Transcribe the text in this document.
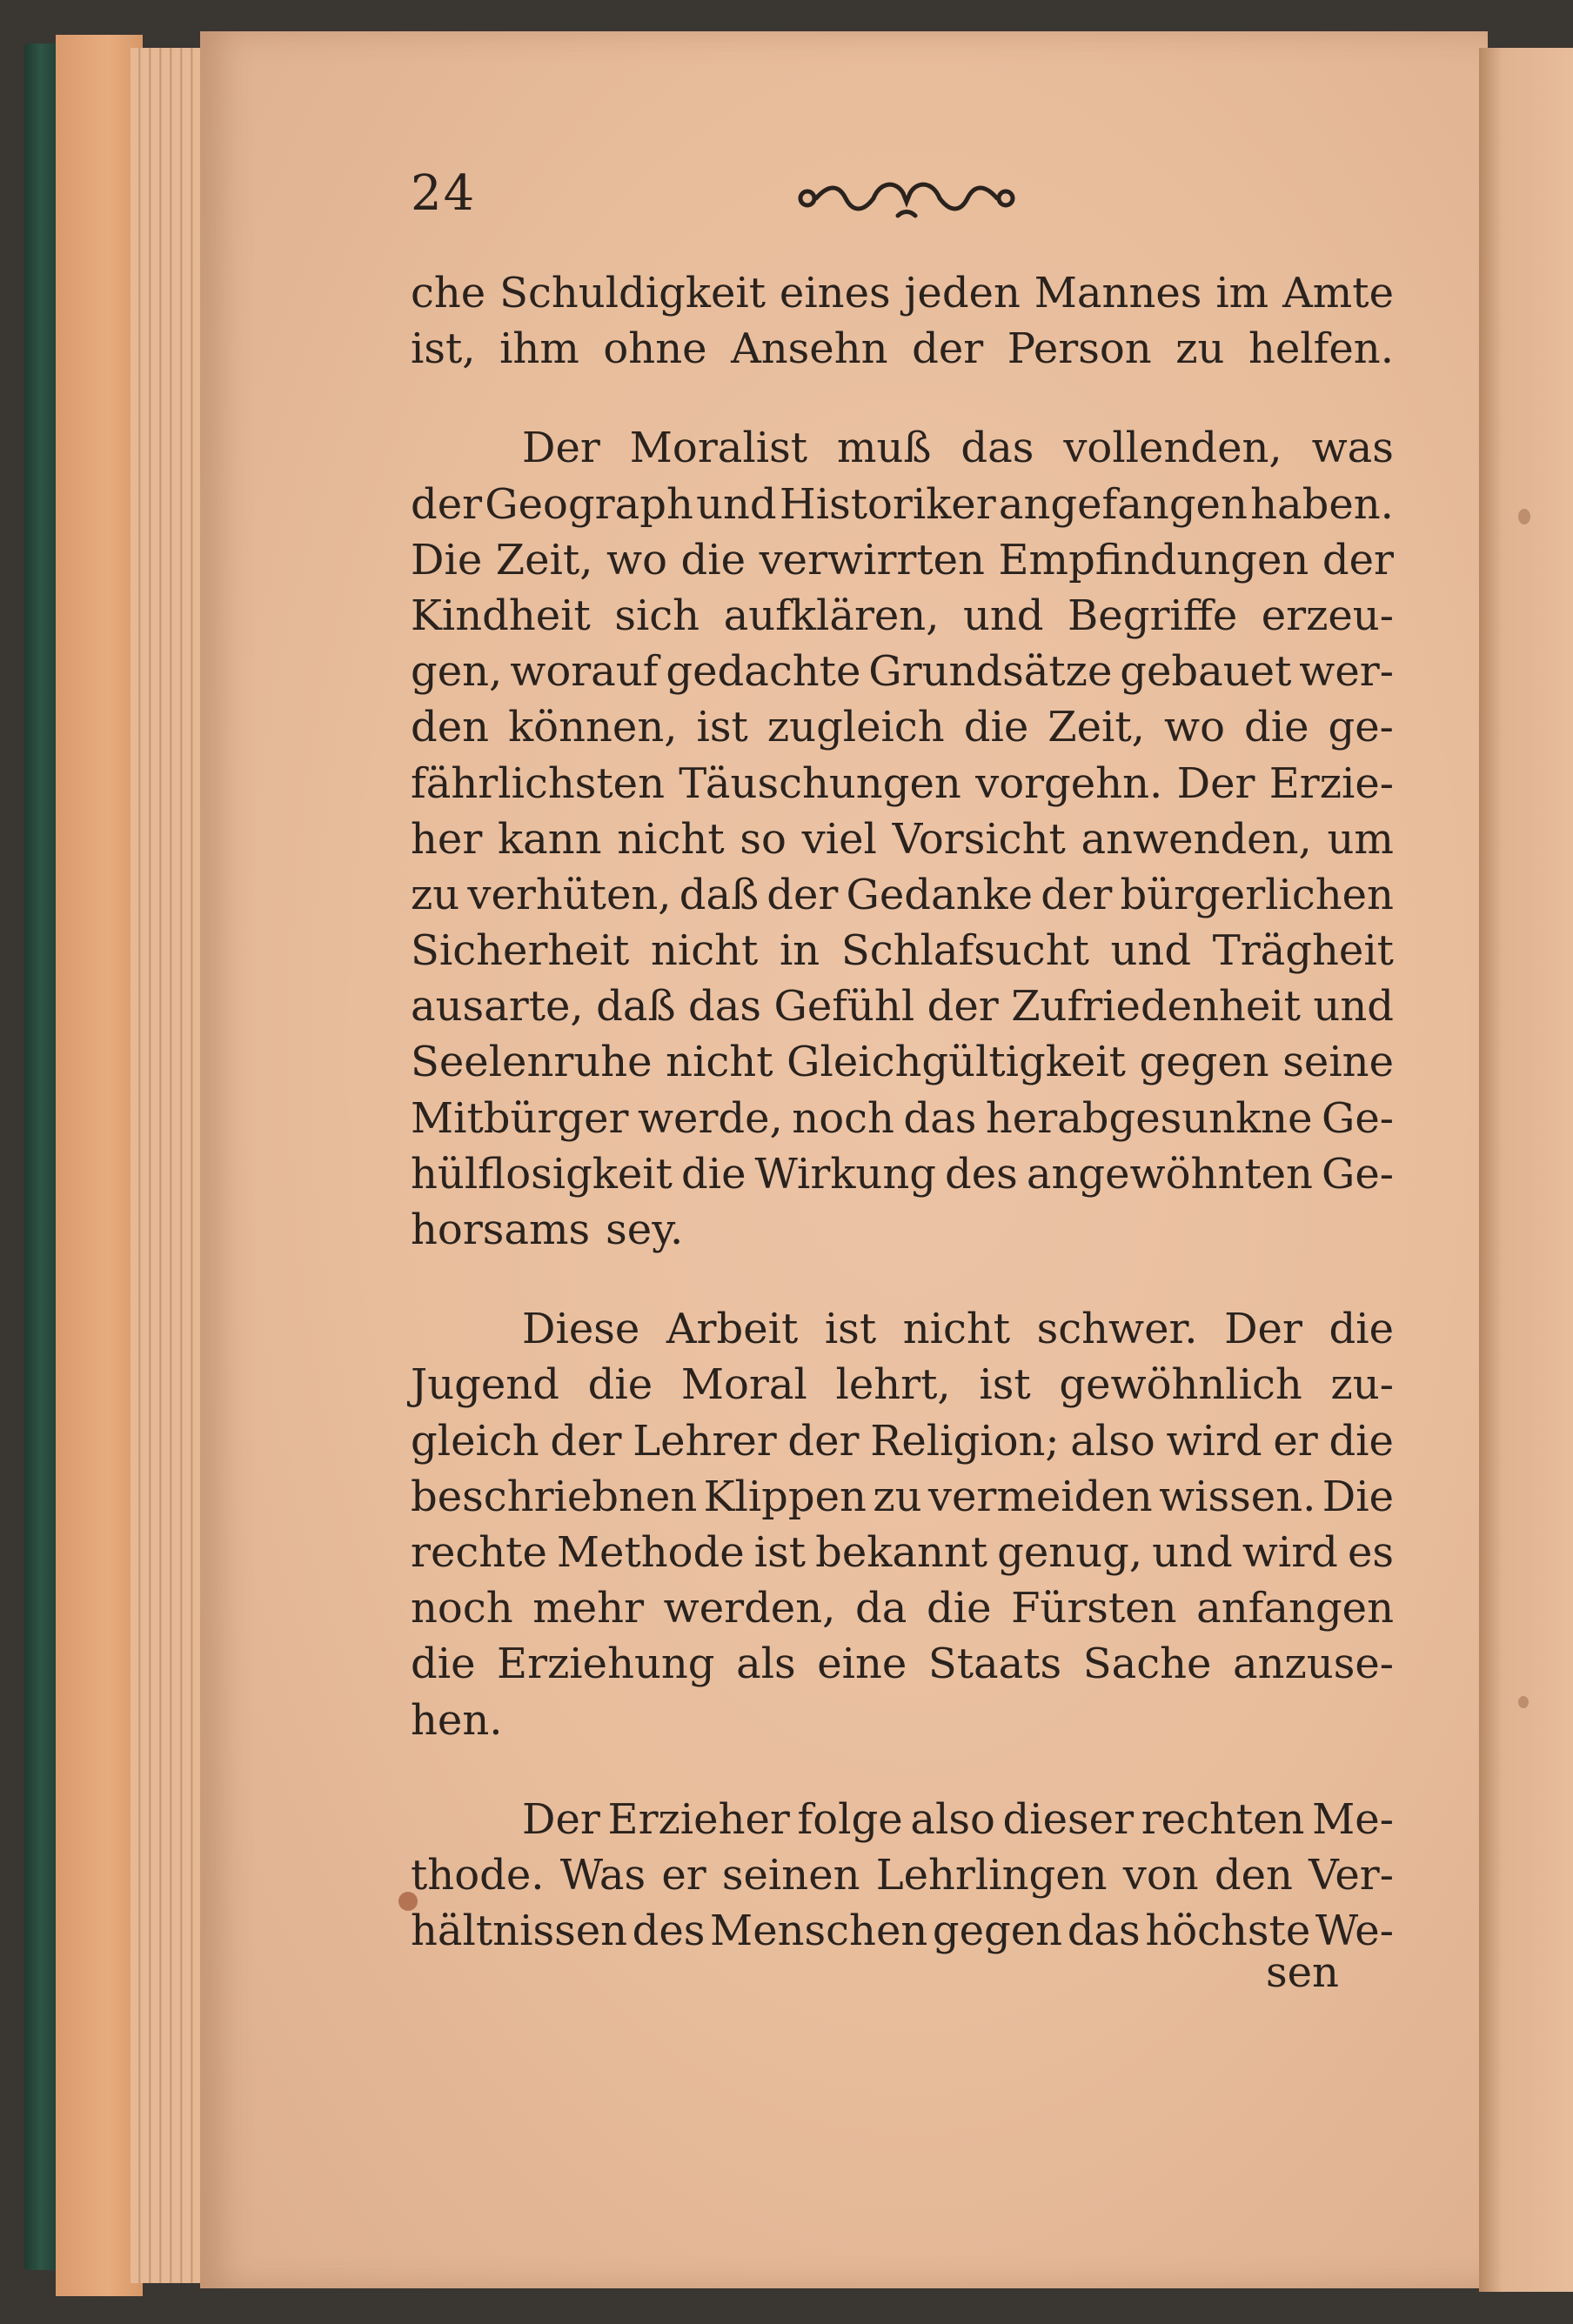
24
che Schuldigkeit eines jeden Mannes im Amte
ist, ihm ohne Ansehn der Person zu helfen.
Der Moralist muß das vollenden, was
der Geograph und Historiker angefangen haben.
Die Zeit, wo die verwirrten Empfindungen der
Kindheit sich aufklären, und Begriffe erzeu-
gen, worauf gedachte Grundsätze gebauet wer-
den können, ist zugleich die Zeit, wo die ge-
fährlichsten Täuschungen vorgehn. Der Erzie-
her kann nicht so viel Vorsicht anwenden, um
zu verhüten, daß der Gedanke der bürgerlichen
Sicherheit nicht in Schlafsucht und Trägheit
ausarte, daß das Gefühl der Zufriedenheit und
Seelenruhe nicht Gleichgültigkeit gegen seine
Mitbürger werde, noch das herabgesunkne Ge-
hülflosigkeit die Wirkung des angewöhnten Ge-
horsams sey.
Diese Arbeit ist nicht schwer. Der die
Jugend die Moral lehrt, ist gewöhnlich zu-
gleich der Lehrer der Religion; also wird er die
beschriebnen Klippen zu vermeiden wissen. Die
rechte Methode ist bekannt genug, und wird es
noch mehr werden, da die Fürsten anfangen
die Erziehung als eine Staats Sache anzuse-
hen.
Der Erzieher folge also dieser rechten Me-
thode. Was er seinen Lehrlingen von den Ver-
hältnissen des Menschen gegen das höchste We-
sen
